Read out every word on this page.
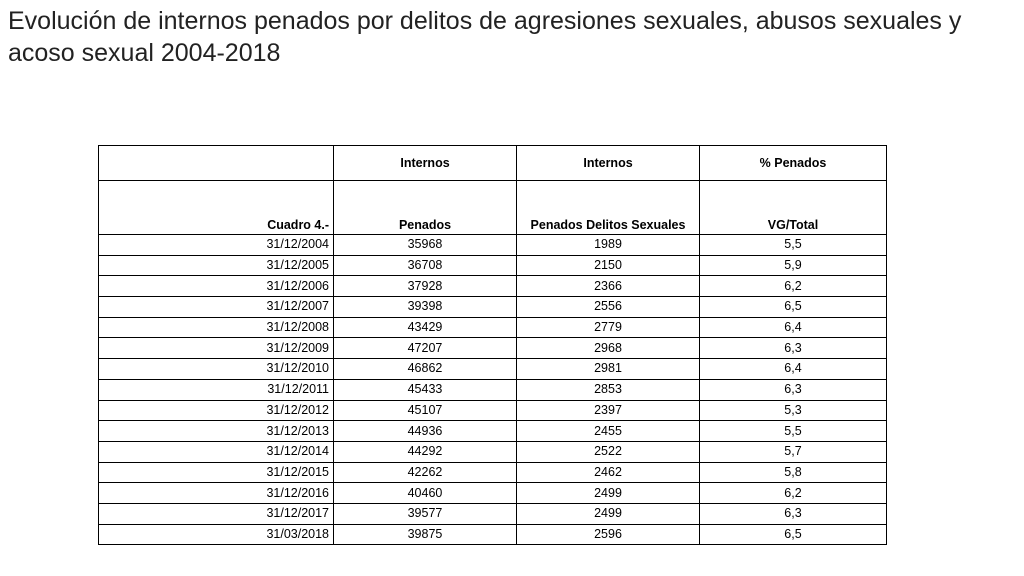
Evolución de internos penados por delitos de agresiones sexuales, abusos sexuales y acoso sexual 2004-2018
	Internos	Internos	% Penados
Cuadro 4.-	Penados	Penados Delitos Sexuales	VG/Total
31/12/2004	35968	1989	5,5
31/12/2005	36708	2150	5,9
31/12/2006	37928	2366	6,2
31/12/2007	39398	2556	6,5
31/12/2008	43429	2779	6,4
31/12/2009	47207	2968	6,3
31/12/2010	46862	2981	6,4
31/12/2011	45433	2853	6,3
31/12/2012	45107	2397	5,3
31/12/2013	44936	2455	5,5
31/12/2014	44292	2522	5,7
31/12/2015	42262	2462	5,8
31/12/2016	40460	2499	6,2
31/12/2017	39577	2499	6,3
31/03/2018	39875	2596	6,5
